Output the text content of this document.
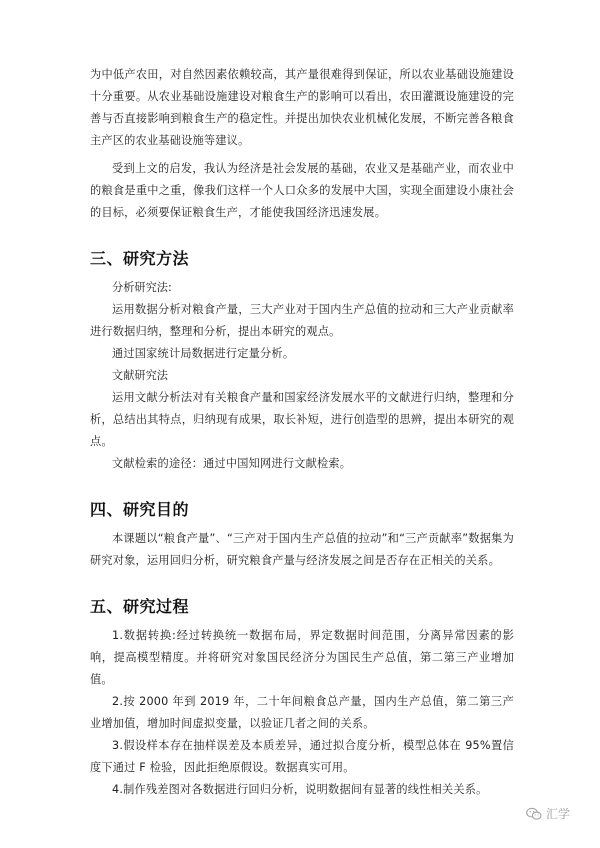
为中低产农田，对自然因素依赖较高，其产量很难得到保证，所以农业基础设施建设十分重要。从农业基础设施建设对粮食生产的影响可以看出，农田灌溉设施建设的完善与否直接影响到粮食生产的稳定性。并提出加快农业机械化发展，不断完善各粮食主产区的农业基础设施等建议。

受到上文的启发，我认为经济是社会发展的基础，农业又是基础产业，而农业中的粮食是重中之重，像我们这样一个人口众多的发展中大国，实现全面建设小康社会的目标，必须要保证粮食生产，才能使我国经济迅速发展。

三、研究方法

分析研究法:

运用数据分析对粮食产量，三大产业对于国内生产总值的拉动和三大产业贡献率进行数据归纳，整理和分析，提出本研究的观点。

通过国家统计局数据进行定量分析。

文献研究法

运用文献分析法对有关粮食产量和国家经济发展水平的文献进行归纳，整理和分析，总结出其特点，归纳现有成果，取长补短，进行创造型的思辨，提出本研究的观点。

文献检索的途径：通过中国知网进行文献检索。

四、研究目的

本课题以“粮食产量”、“三产对于国内生产总值的拉动”和“三产贡献率”数据集为研究对象，运用回归分析，研究粮食产量与经济发展之间是否存在正相关的关系。

五、研究过程

1.数据转换:经过转换统一数据布局，界定数据时间范围，分离异常因素的影响，提高模型精度。并将研究对象国民经济分为国民生产总值，第二第三产业增加值。

2.按 2000 年到 2019 年，二十年间粮食总产量，国内生产总值，第二第三产业增加值，增加时间虚拟变量，以验证几者之间的关系。

3.假设样本存在抽样误差及本质差异，通过拟合度分析，模型总体在 95%置信度下通过 F 检验，因此拒绝原假设。数据真实可用。

4.制作残差图对各数据进行回归分析，说明数据间有显著的线性相关关系。

汇学
